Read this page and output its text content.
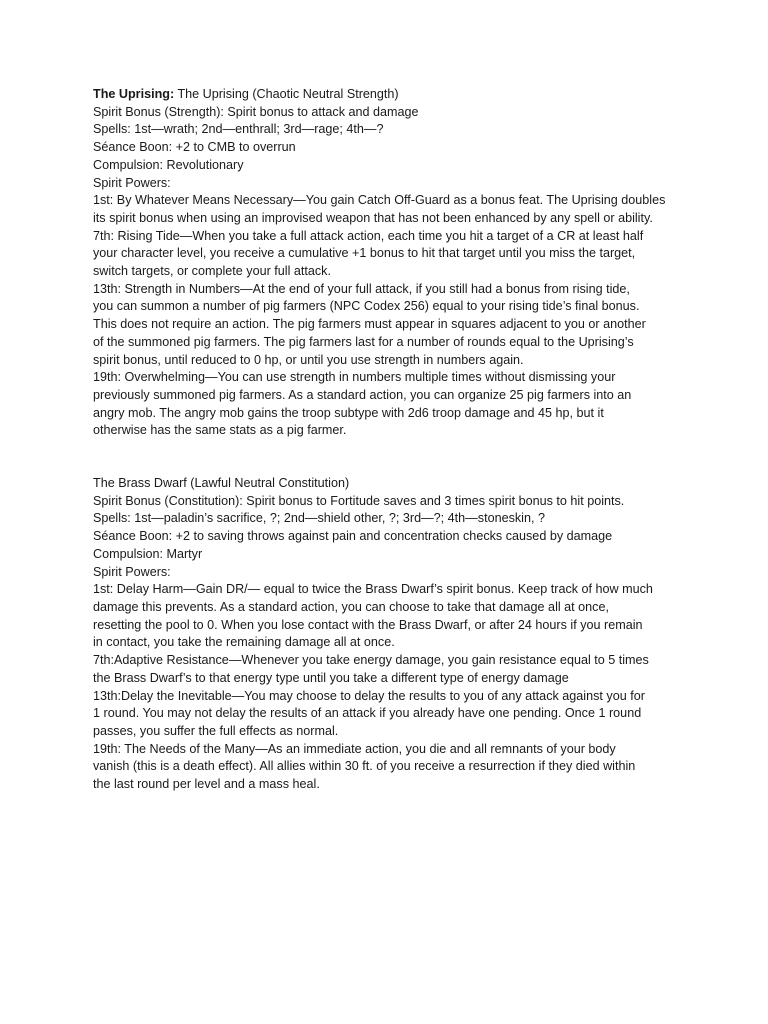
The Uprising: The Uprising (Chaotic Neutral Strength)
Spirit Bonus (Strength): Spirit bonus to attack and damage
Spells: 1st—wrath; 2nd—enthrall; 3rd—rage; 4th—?
Séance Boon: +2 to CMB to overrun
Compulsion: Revolutionary
Spirit Powers:
1st: By Whatever Means Necessary—You gain Catch Off-Guard as a bonus feat. The Uprising doubles
its spirit bonus when using an improvised weapon that has not been enhanced by any spell or ability.
7th: Rising Tide—When you take a full attack action, each time you hit a target of a CR at least half
your character level, you receive a cumulative +1 bonus to hit that target until you miss the target,
switch targets, or complete your full attack.
13th: Strength in Numbers—At the end of your full attack, if you still had a bonus from rising tide,
you can summon a number of pig farmers (NPC Codex 256) equal to your rising tide’s final bonus.
This does not require an action. The pig farmers must appear in squares adjacent to you or another
of the summoned pig farmers. The pig farmers last for a number of rounds equal to the Uprising’s
spirit bonus, until reduced to 0 hp, or until you use strength in numbers again.
19th: Overwhelming—You can use strength in numbers multiple times without dismissing your
previously summoned pig farmers. As a standard action, you can organize 25 pig farmers into an
angry mob. The angry mob gains the troop subtype with 2d6 troop damage and 45 hp, but it
otherwise has the same stats as a pig farmer.
The Brass Dwarf (Lawful Neutral Constitution)
Spirit Bonus (Constitution): Spirit bonus to Fortitude saves and 3 times spirit bonus to hit points.
Spells: 1st—paladin’s sacrifice, ?; 2nd—shield other, ?; 3rd—?; 4th—stoneskin, ?
Séance Boon: +2 to saving throws against pain and concentration checks caused by damage
Compulsion: Martyr
Spirit Powers:
1st: Delay Harm—Gain DR/— equal to twice the Brass Dwarf’s spirit bonus. Keep track of how much
damage this prevents. As a standard action, you can choose to take that damage all at once,
resetting the pool to 0. When you lose contact with the Brass Dwarf, or after 24 hours if you remain
in contact, you take the remaining damage all at once.
7th:Adaptive Resistance—Whenever you take energy damage, you gain resistance equal to 5 times
the Brass Dwarf’s to that energy type until you take a different type of energy damage
13th:Delay the Inevitable—You may choose to delay the results to you of any attack against you for
1 round. You may not delay the results of an attack if you already have one pending. Once 1 round
passes, you suffer the full effects as normal.
19th: The Needs of the Many—As an immediate action, you die and all remnants of your body
vanish (this is a death effect). All allies within 30 ft. of you receive a resurrection if they died within
the last round per level and a mass heal.
